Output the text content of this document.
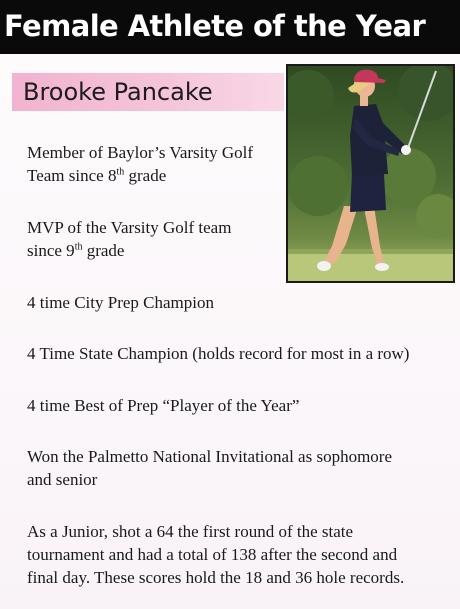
Female Athlete of the Year
Brooke Pancake
Member of Baylor’s Varsity Golf
Team since 8th grade
MVP of the Varsity Golf team
since 9th grade
4 time City Prep Champion
4 Time State Champion (holds record for most in a row)
4 time Best of Prep “Player of the Year”
Won the Palmetto National Invitational as sophomore
and senior
As a Junior, shot a 64 the first round of the state
tournament and had a total of 138 after the second and
final day. These scores hold the 18 and 36 hole records.
